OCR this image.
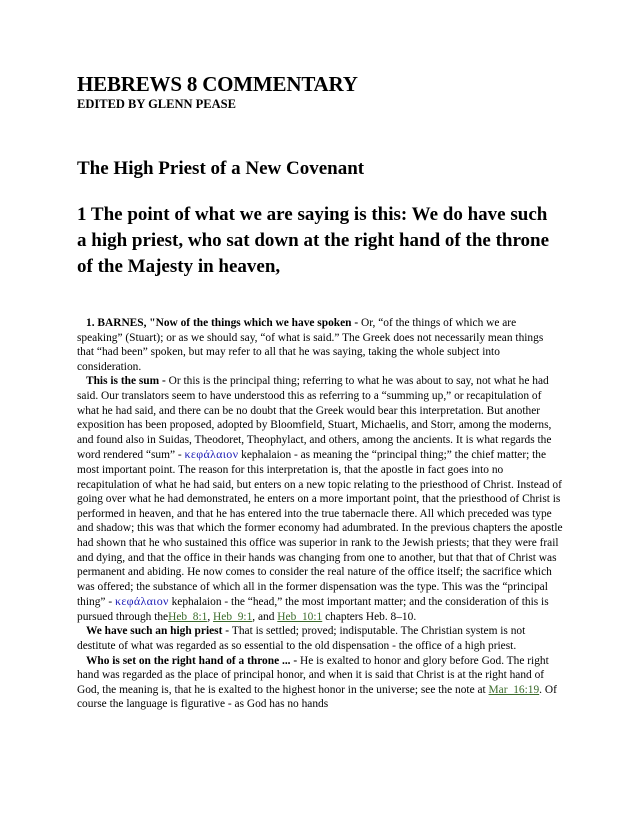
HEBREWS 8 COMMENTARY
EDITED BY GLENN PEASE
The High Priest of a New Covenant
1 The point of what we are saying is this: We do have such a high priest, who sat down at the right hand of the throne of the Majesty in heaven,

1. BARNES, "Now of the things which we have spoken - Or, “of the things of which we are speaking” (Stuart); or as we should say, “of what is said.” The Greek does not necessarily mean things that “had been” spoken, but may refer to all that he was saying, taking the whole subject into consideration.

This is the sum - Or this is the principal thing; referring to what he was about to say, not what he had said. Our translators seem to have understood this as referring to a “summing up,” or recapitulation of what he had said, and there can be no doubt that the Greek would bear this interpretation. But another exposition has been proposed, adopted by Bloomfield, Stuart, Michaelis, and Storr, among the moderns, and found also in Suidas, Theodoret, Theophylact, and others, among the ancients. It is what regards the word rendered “sum” - κεφάλαιον kephalaion - as meaning the “principal thing;” the chief matter; the most important point. The reason for this interpretation is, that the apostle in fact goes into no recapitulation of what he had said, but enters on a new topic relating to the priesthood of Christ. Instead of going over what he had demonstrated, he enters on a more important point, that the priesthood of Christ is performed in heaven, and that he has entered into the true tabernacle there. All which preceded was type and shadow; this was that which the former economy had adumbrated. In the previous chapters the apostle had shown that he who sustained this office was superior in rank to the Jewish priests; that they were frail and dying, and that the office in their hands was changing from one to another, but that that of Christ was permanent and abiding. He now comes to consider the real nature of the office itself; the sacrifice which was offered; the substance of which all in the former dispensation was the type. This was the “principal thing” - κεφάλαιον kephalaion - the “head,” the most important matter; and the consideration of this is pursued through theHeb_8:1, Heb_9:1, and Heb_10:1 chapters Heb. 8–10.

We have such an high priest - That is settled; proved; indisputable. The Christian system is not destitute of what was regarded as so essential to the old dispensation - the office of a high priest.

Who is set on the right hand of a throne ... - He is exalted to honor and glory before God. The right hand was regarded as the place of principal honor, and when it is said that Christ is at the right hand of God, the meaning is, that he is exalted to the highest honor in the universe; see the note at Mar_16:19. Of course the language is figurative - as God has no hands
